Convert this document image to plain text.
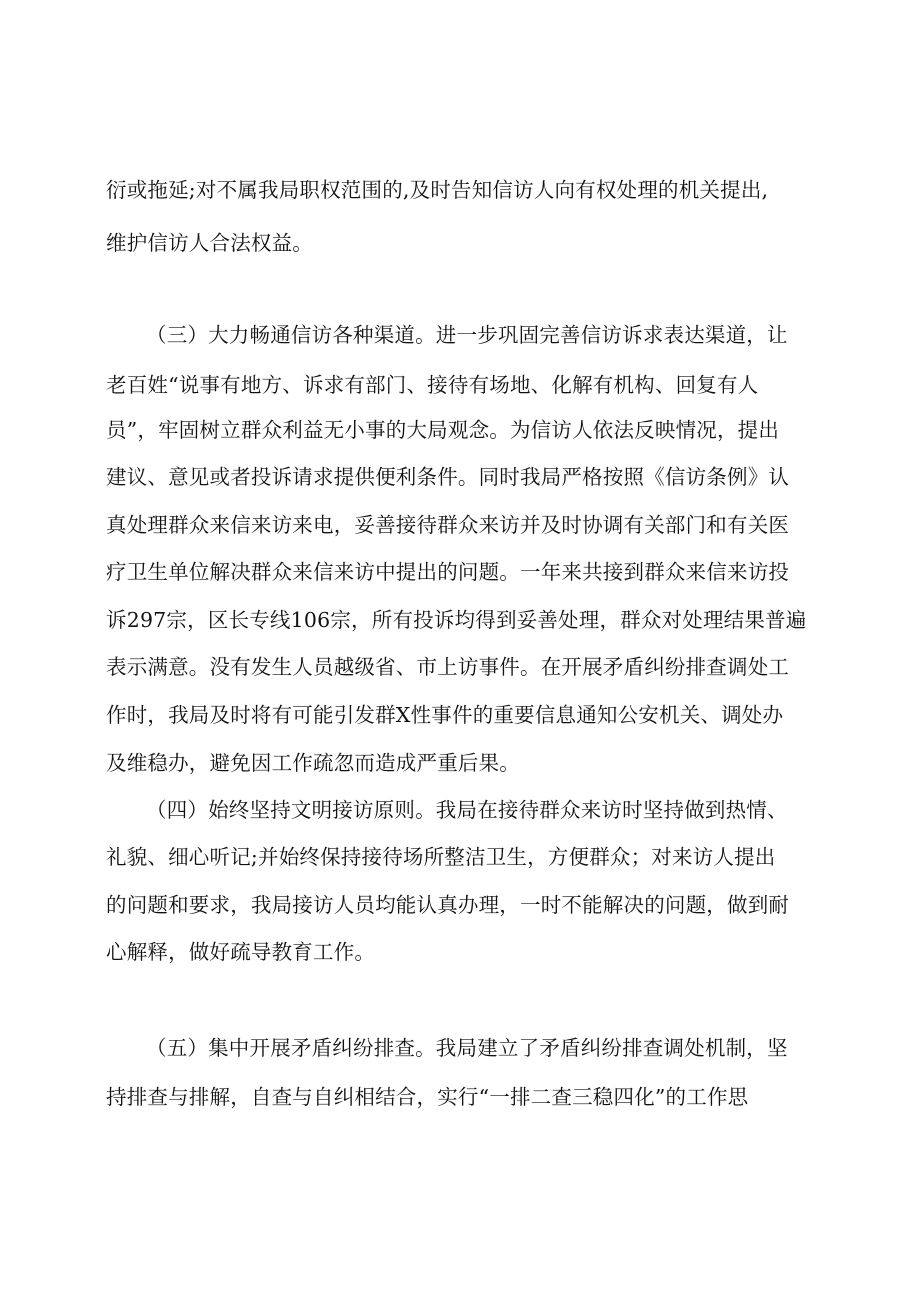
衍或拖延;对不属我局职权范围的,及时告知信访人向有权处理的机关提出,
维护信访人合法权益。
（三）大力畅通信访各种渠道。进一步巩固完善信访诉求表达渠道，让
老百姓“说事有地方、诉求有部门、接待有场地、化解有机构、回复有人
员”，牢固树立群众利益无小事的大局观念。为信访人依法反映情况，提出
建议、意见或者投诉请求提供便利条件。同时我局严格按照《信访条例》认
真处理群众来信来访来电，妥善接待群众来访并及时协调有关部门和有关医
疗卫生单位解决群众来信来访中提出的问题。一年来共接到群众来信来访投
诉297宗，区长专线106宗，所有投诉均得到妥善处理，群众对处理结果普遍
表示满意。没有发生人员越级省、市上访事件。在开展矛盾纠纷排查调处工
作时，我局及时将有可能引发群X性事件的重要信息通知公安机关、调处办
及维稳办，避免因工作疏忽而造成严重后果。
（四）始终坚持文明接访原则。我局在接待群众来访时坚持做到热情、
礼貌、细心听记;并始终保持接待场所整洁卫生，方便群众；对来访人提出
的问题和要求，我局接访人员均能认真办理，一时不能解决的问题，做到耐
心解释，做好疏导教育工作。
（五）集中开展矛盾纠纷排查。我局建立了矛盾纠纷排查调处机制，坚
持排查与排解，自查与自纠相结合，实行“一排二查三稳四化”的工作思
